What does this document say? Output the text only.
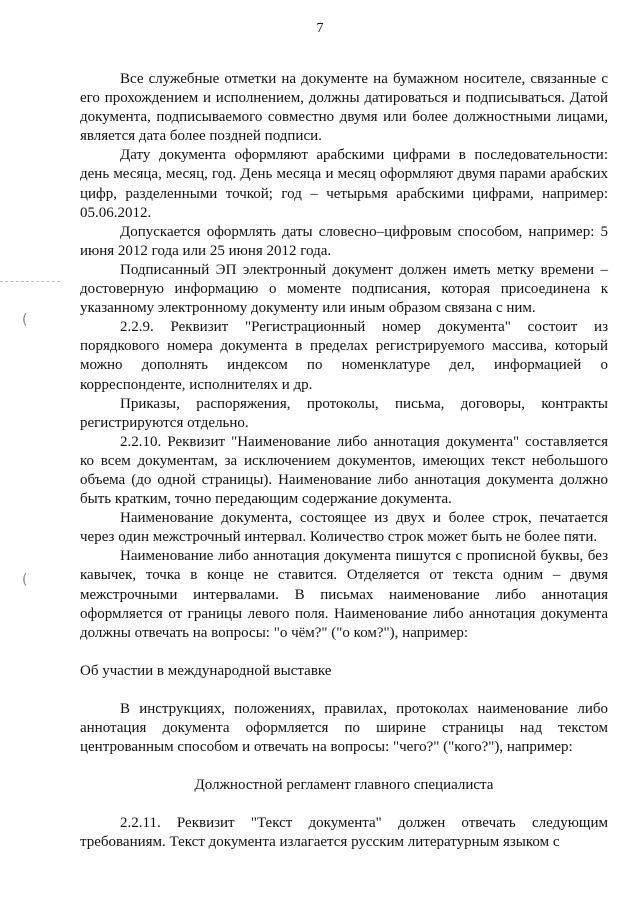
7
(
(

Все служебные отметки на документе на бумажном носителе, связанные с его прохождением и исполнением, должны датироваться и подписываться. Датой документа, подписываемого совместно двумя или более должностными лицами, является дата более поздней подписи.

Дату документа оформляют арабскими цифрами в последовательности: день месяца, месяц, год. День месяца и месяц оформляют двумя парами арабских цифр, разделенными точкой; год – четырьмя арабскими цифрами, например: 05.06.2012.

Допускается оформлять даты словесно–цифровым способом, например: 5 июня 2012 года или 25 июня 2012 года.

Подписанный ЭП электронный документ должен иметь метку времени – достоверную информацию о моменте подписания, которая присоединена к указанному электронному документу или иным образом связана с ним.

2.2.9. Реквизит "Регистрационный номер документа" состоит из порядкового номера документа в пределах регистрируемого массива, который можно дополнять индексом по номенклатуре дел, информацией о корреспонденте, исполнителях и др.

Приказы, распоряжения, протоколы, письма, договоры, контракты регистрируются отдельно.

2.2.10. Реквизит "Наименование либо аннотация документа" составляется ко всем документам, за исключением документов, имеющих текст небольшого объема (до одной страницы). Наименование либо аннотация документа должно быть кратким, точно передающим содержание документа.

Наименование документа, состоящее из двух и более строк, печатается через один межстрочный интервал. Количество строк может быть не более пяти.

Наименование либо аннотация документа пишутся с прописной буквы, без кавычек, точка в конце не ставится. Отделяется от текста одним – двумя межстрочными интервалами. В письмах наименование либо аннотация оформляется от границы левого поля. Наименование либо аннотация документа должны отвечать на вопросы: "о чём?" ("о ком?"), например:

Об участии в международной выставке

В инструкциях, положениях, правилах, протоколах наименование либо аннотация документа оформляется по ширине страницы над текстом центрованным способом и отвечать на вопросы: "чего?" ("кого?"), например:

Должностной регламент главного специалиста

2.2.11. Реквизит "Текст документа" должен отвечать следующим требованиям. Текст документа излагается русским литературным языком с
